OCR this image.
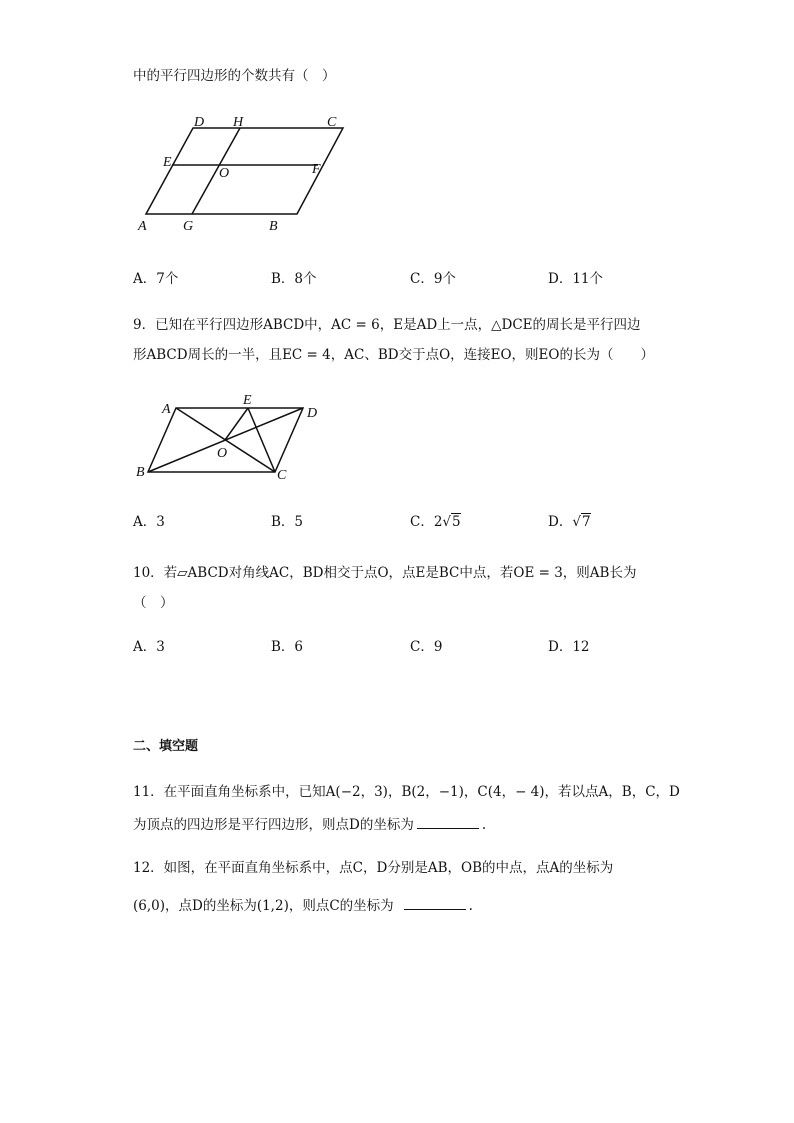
中的平行四边形的个数共有（　）
D H	C
E
O	F
A	G	B
A．7个	B．8个	C．9个	D．11个
9．已知在平行四边形ABCD中，AC = 6，E是AD上一点，△DCE的周长是平行四边
形ABCD周长的一半，且EC = 4，AC、BD交于点O，连接EO，则EO的长为（　　）
A
E
D
O
B	C
A．3	B．5	C．2√5	D．√7
10．若▱ABCD对角线AC，BD相交于点O，点E是BC中点，若OE = 3，则AB长为
（　）
A．3	B．6	C．9	D．12
二、填空题
11．在平面直角坐标系中，已知A(−2，3)，B(2，−1)，C(4，− 4)，若以点A，B，C，D
为顶点的四边形是平行四边形，则点D的坐标为	.
12．如图，在平面直角坐标系中，点C，D分别是AB，OB的中点，点A的坐标为
(6,0)，点D的坐标为(1,2)，则点C的坐标为	.
